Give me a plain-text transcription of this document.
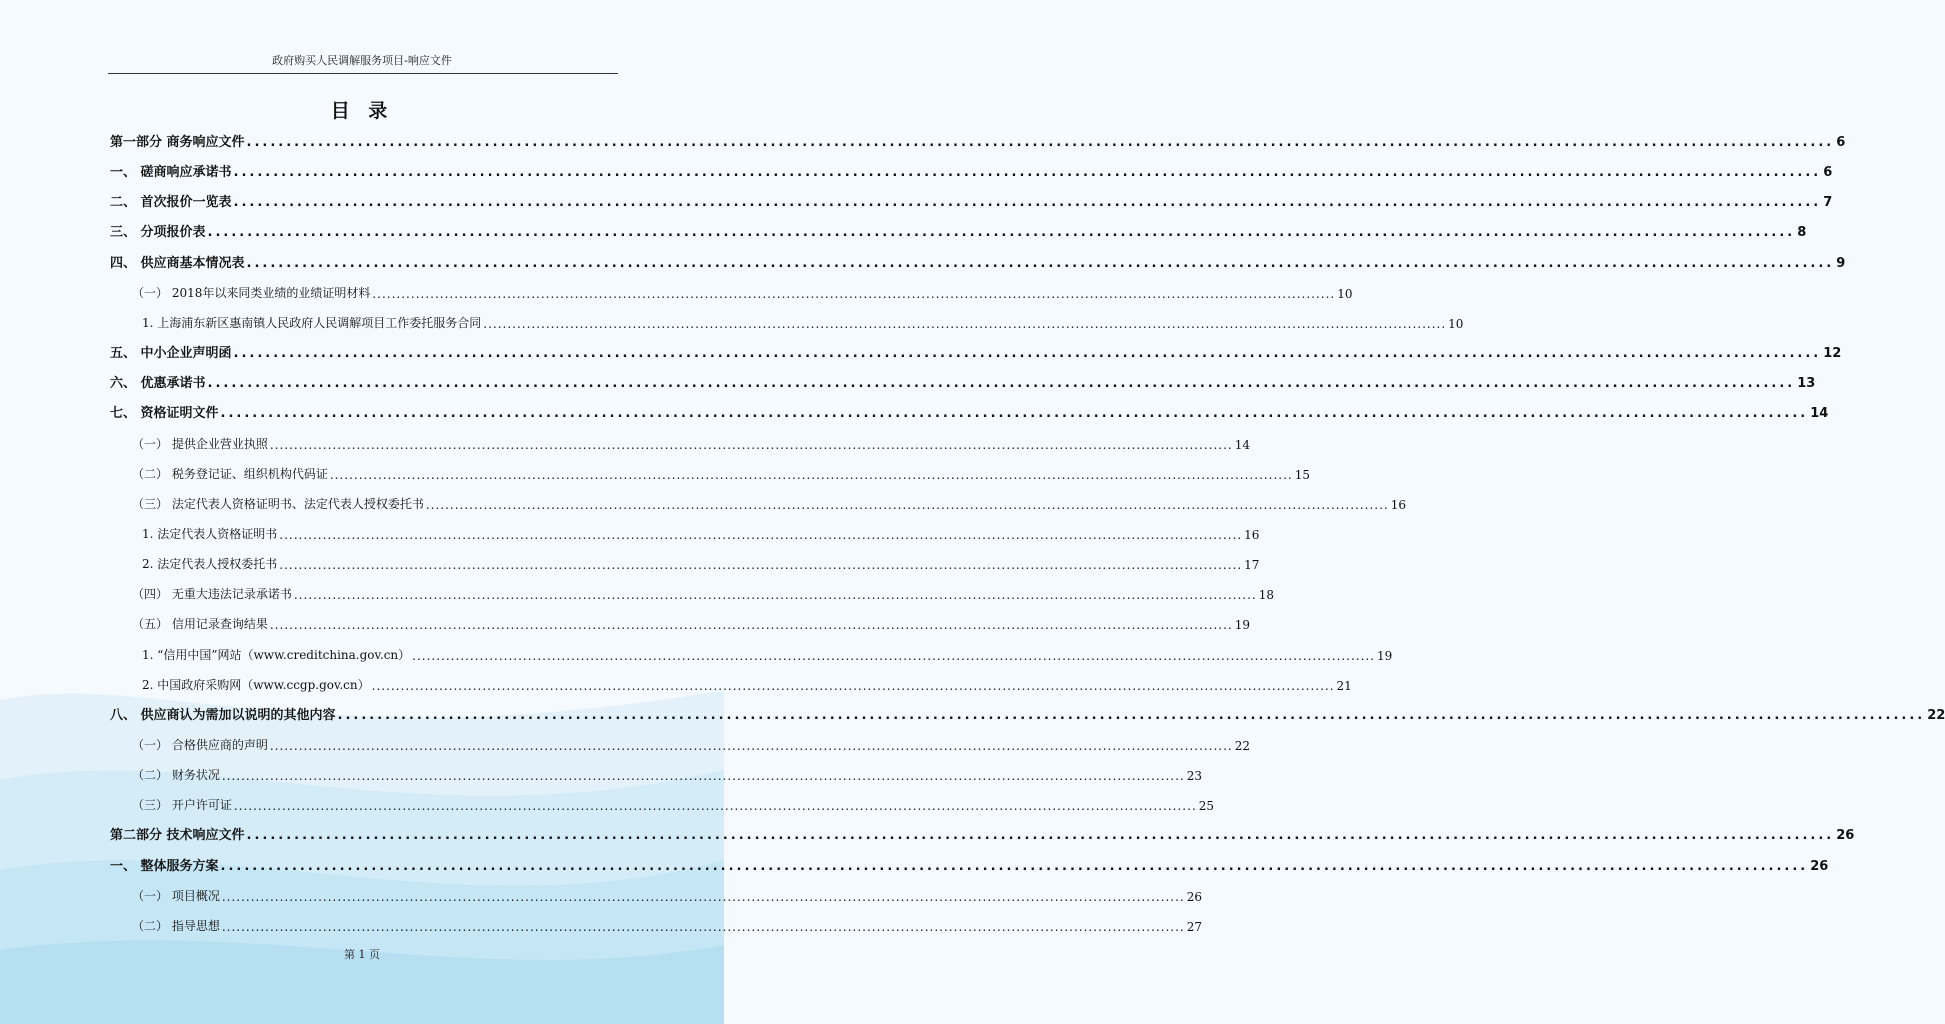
政府购买人民调解服务项目-响应文件
目 录
第一部分 商务响应文件 ........................................................................................................................................................................................................ 6
一、 磋商响应承诺书 ........................................................................................................................................................................................................ 6
二、 首次报价一览表 ........................................................................................................................................................................................................ 7
三、 分项报价表 ........................................................................................................................................................................................................ 8
四、 供应商基本情况表 ........................................................................................................................................................................................................ 9
（一） 2018年以来同类业绩的业绩证明材料 ........................................................................................................................................................................................................ 10
1. 上海浦东新区惠南镇人民政府人民调解项目工作委托服务合同 ........................................................................................................................................................................................................ 10
五、 中小企业声明函 ........................................................................................................................................................................................................ 12
六、 优惠承诺书 ........................................................................................................................................................................................................ 13
七、 资格证明文件 ........................................................................................................................................................................................................ 14
（一） 提供企业营业执照 ........................................................................................................................................................................................................ 14
（二） 税务登记证、组织机构代码证 ........................................................................................................................................................................................................ 15
（三） 法定代表人资格证明书、法定代表人授权委托书 ........................................................................................................................................................................................................ 16
1. 法定代表人资格证明书 ........................................................................................................................................................................................................ 16
2. 法定代表人授权委托书 ........................................................................................................................................................................................................ 17
（四） 无重大违法记录承诺书 ........................................................................................................................................................................................................ 18
（五） 信用记录查询结果 ........................................................................................................................................................................................................ 19
1. “信用中国”网站（www.creditchina.gov.cn） ........................................................................................................................................................................................................ 19
2. 中国政府采购网（www.ccgp.gov.cn） ........................................................................................................................................................................................................ 21
八、 供应商认为需加以说明的其他内容 ........................................................................................................................................................................................................ 22
（一） 合格供应商的声明 ........................................................................................................................................................................................................ 22
（二） 财务状况 ........................................................................................................................................................................................................ 23
（三） 开户许可证 ........................................................................................................................................................................................................ 25
第二部分 技术响应文件 ........................................................................................................................................................................................................ 26
一、 整体服务方案 ........................................................................................................................................................................................................ 26
（一） 项目概况 ........................................................................................................................................................................................................ 26
（二） 指导思想 ........................................................................................................................................................................................................ 27
第 1 页
